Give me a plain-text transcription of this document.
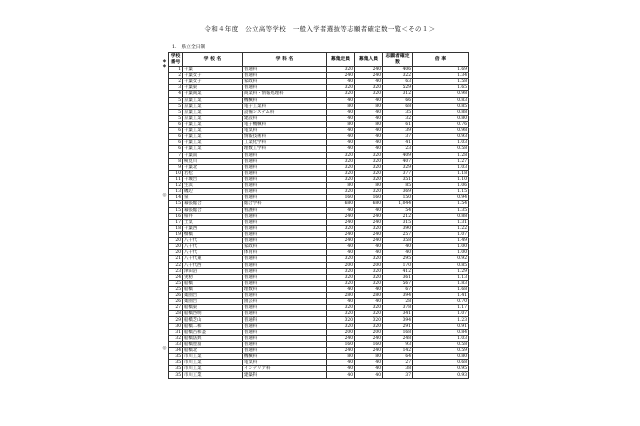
令和４年度　公立高等学校　一般入学者選抜等志願者確定数一覧＜その１＞
1.　県立全日制
◆
◆
◎
◎
学校番号	学 校 名	学 科 名	募集定員	募集人員	志願者確定数	倍 率
1	千葉	普通科	320	240	406	1.69
2	千葉女子	普通科	240	240	322	1.34
2	千葉女子	家政科	40	40	63	1.58
3	千葉東	普通科	320	320	529	1.65
4	千葉商業	商業科・情報処理科	320	320	312	0.98
5	京葉工業	機械科	40	40	66	0.83
5	京葉工業	電子工業科	80	80	68	0.85
5	京葉工業	設備システム科	40	40	35	0.88
5	京葉工業	建設科	40	40	32	0.80
6	千葉工業	電子機械科	80	80	61	0.76
6	千葉工業	電気科	40	40	39	0.98
6	千葉工業	情報技術科	40	40	37	0.93
6	千葉工業	工業化学科	40	40	41	1.03
6	千葉工業	理数工学科	40	40	23	0.58
7	千葉南	普通科	320	320	409	1.28
8	検見川	普通科	320	320	407	1.27
9	千葉北	普通科	320	320	329	1.03
10	若松	普通科	320	320	377	1.18
11	千城台	普通科	320	320	351	1.10
12	生浜	普通科	80	80	85	1.06
13	磯辺	普通科	320	320	369	1.15
14	泉	普通科	160	160	150	0.94
15	幕張総合	総合学科	680	680	1,044	1.54
15	幕張総合	看護科	40	40	54	1.35
16	柏井	普通科	240	240	212	0.88
17	土気	普通科	240	240	315	1.31
18	千葉西	普通科	320	320	390	1.22
19	犢橋	普通科	240	240	257	1.07
20	八千代	普通科	240	240	358	1.49
20	八千代	家政科	40	40	40	1.00
20	八千代	体育科	40	40	40	1.00
21	八千代東	普通科	320	320	295	0.92
22	八千代西	普通科	200	200	170	0.85
23	津田沼	普通科	320	320	412	1.29
24	実籾	普通科	320	320	361	1.13
25	船橋	普通科	320	320	567	1.83
25	船橋	理数科	40	40	67	1.68
26	薬園台	普通科	280	280	394	1.41
26	薬園台	園芸科	40	40	28	0.70
27	船橋東	普通科	320	320	378	1.17
28	船橋啓明	普通科	320	320	341	1.07
29	船橋芝山	普通科	320	320	394	1.23
30	船橋二和	普通科	320	320	291	0.91
31	船橋古和釜	普通科	200	200	168	0.84
32	船橋法典	普通科	240	240	248	1.03
33	船橋豊富	普通科	160	160	93	0.58
34	船橋北	普通科	240	240	142	0.59
35	市川工業	機械科	80	80	64	0.80
35	市川工業	電気科	40	40	27	0.68
35	市川工業	インテリア科	40	40	38	0.95
35	市川工業	建築科	40	40	37	0.93
